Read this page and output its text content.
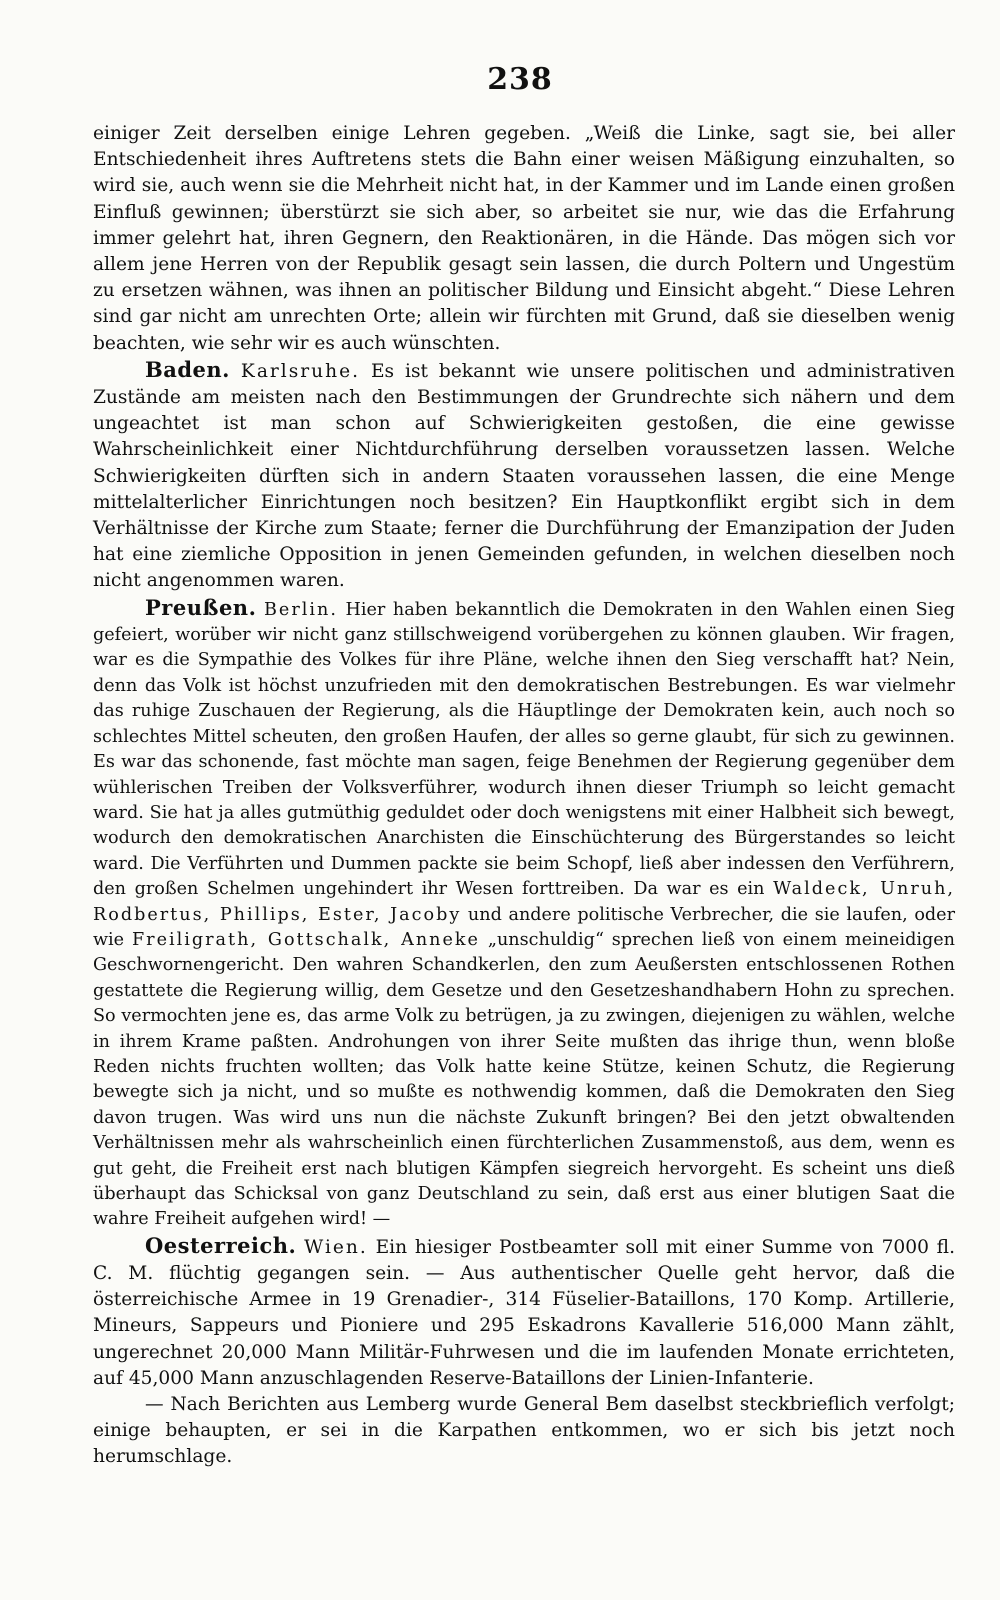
238

einiger Zeit derselben einige Lehren gegeben. „Weiß die Linke, sagt sie, bei aller Entschiedenheit ihres Auftretens stets die Bahn einer weisen Mäßigung einzuhalten, so wird sie, auch wenn sie die Mehrheit nicht hat, in der Kammer und im Lande einen großen Einfluß gewinnen; überstürzt sie sich aber, so arbeitet sie nur, wie das die Erfahrung immer gelehrt hat, ihren Gegnern, den Reaktionären, in die Hände. Das mögen sich vor allem jene Herren von der Republik gesagt sein lassen, die durch Poltern und Ungestüm zu ersetzen wähnen, was ihnen an politischer Bildung und Einsicht abgeht.“ Diese Lehren sind gar nicht am unrechten Orte; allein wir fürchten mit Grund, daß sie dieselben wenig beachten, wie sehr wir es auch wünschten.

Baden. Karlsruhe. Es ist bekannt wie unsere politischen und administrativen Zustände am meisten nach den Bestimmungen der Grundrechte sich nähern und dem ungeachtet ist man schon auf Schwierigkeiten gestoßen, die eine gewisse Wahrscheinlichkeit einer Nichtdurchführung derselben voraussetzen lassen. Welche Schwierigkeiten dürften sich in andern Staaten voraussehen lassen, die eine Menge mittelalterlicher Einrichtungen noch besitzen? Ein Hauptkonflikt ergibt sich in dem Verhältnisse der Kirche zum Staate; ferner die Durchführung der Emanzipation der Juden hat eine ziemliche Opposition in jenen Gemeinden gefunden, in welchen dieselben noch nicht angenommen waren.

Preußen. Berlin. Hier haben bekanntlich die Demokraten in den Wahlen einen Sieg gefeiert, worüber wir nicht ganz stillschweigend vorübergehen zu können glauben. Wir fragen, war es die Sympathie des Volkes für ihre Pläne, welche ihnen den Sieg verschafft hat? Nein, denn das Volk ist höchst unzufrieden mit den demokratischen Bestrebungen. Es war vielmehr das ruhige Zuschauen der Regierung, als die Häuptlinge der Demokraten kein, auch noch so schlechtes Mittel scheuten, den großen Haufen, der alles so gerne glaubt, für sich zu gewinnen. Es war das schonende, fast möchte man sagen, feige Benehmen der Regierung gegenüber dem wühlerischen Treiben der Volksverführer, wodurch ihnen dieser Triumph so leicht gemacht ward. Sie hat ja alles gutmüthig geduldet oder doch wenigstens mit einer Halbheit sich bewegt, wodurch den demokratischen Anarchisten die Einschüchterung des Bürgerstandes so leicht ward. Die Verführten und Dummen packte sie beim Schopf, ließ aber indessen den Verführern, den großen Schelmen ungehindert ihr Wesen forttreiben. Da war es ein Waldeck, Unruh, Rodbertus, Phillips, Ester, Jacoby und andere politische Verbrecher, die sie laufen, oder wie Freiligrath, Gottschalk, Anneke „unschuldig“ sprechen ließ von einem meineidigen Geschwornengericht. Den wahren Schandkerlen, den zum Aeußersten entschlossenen Rothen gestattete die Regierung willig, dem Gesetze und den Gesetzeshandhabern Hohn zu sprechen. So vermochten jene es, das arme Volk zu betrügen, ja zu zwingen, diejenigen zu wählen, welche in ihrem Krame paßten. Androhungen von ihrer Seite mußten das ihrige thun, wenn bloße Reden nichts fruchten wollten; das Volk hatte keine Stütze, keinen Schutz, die Regierung bewegte sich ja nicht, und so mußte es nothwendig kommen, daß die Demokraten den Sieg davon trugen. Was wird uns nun die nächste Zukunft bringen? Bei den jetzt obwaltenden Verhältnissen mehr als wahrscheinlich einen fürchterlichen Zusammenstoß, aus dem, wenn es gut geht, die Freiheit erst nach blutigen Kämpfen siegreich hervorgeht. Es scheint uns dieß überhaupt das Schicksal von ganz Deutschland zu sein, daß erst aus einer blutigen Saat die wahre Freiheit aufgehen wird! —

Oesterreich. Wien. Ein hiesiger Postbeamter soll mit einer Summe von 7000 fl. C. M. flüchtig gegangen sein. — Aus authentischer Quelle geht hervor, daß die österreichische Armee in 19 Grenadier-, 314 Füselier-Bataillons, 170 Komp. Artillerie, Mineurs, Sappeurs und Pioniere und 295 Eskadrons Kavallerie 516,000 Mann zählt, ungerechnet 20,000 Mann Militär-Fuhrwesen und die im laufenden Monate errichteten, auf 45,000 Mann anzuschlagenden Reserve-Bataillons der Linien-Infanterie.

— Nach Berichten aus Lemberg wurde General Bem daselbst steckbrieflich verfolgt; einige behaupten, er sei in die Karpathen entkommen, wo er sich bis jetzt noch herumschlage.
